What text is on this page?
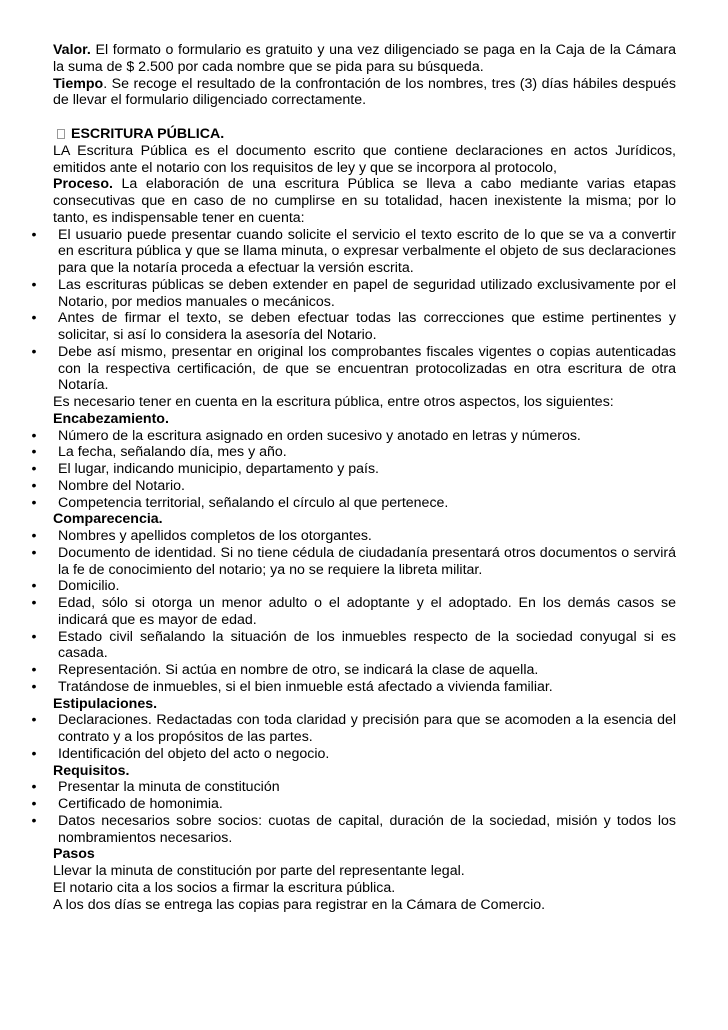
Valor. El formato o formulario es gratuito y una vez diligenciado se paga en la Caja de la Cámara la suma de $ 2.500 por cada nombre que se pida para su búsqueda.

Tiempo. Se recoge el resultado de la confrontación de los nombres, tres (3) días hábiles después de llevar el formulario diligenciado correctamente.

ESCRITURA PÚBLICA.

LA Escritura Pública es el documento escrito que contiene declaraciones en actos Jurídicos, emitidos ante el notario con los requisitos de ley y que se incorpora al protocolo,

Proceso. La elaboración de una escritura Pública se lleva a cabo mediante varias etapas consecutivas que en caso de no cumplirse en su totalidad, hacen inexistente la misma; por lo tanto, es indispensable tener en cuenta:

• El usuario puede presentar cuando solicite el servicio el texto escrito de lo que se va a convertir en escritura pública y que se llama minuta, o expresar verbalmente el objeto de sus declaraciones para que la notaría proceda a efectuar la versión escrita.
• Las escrituras públicas se deben extender en papel de seguridad utilizado exclusivamente por el Notario, por medios manuales o mecánicos.
• Antes de firmar el texto, se deben efectuar todas las correcciones que estime pertinentes y solicitar, si así lo considera la asesoría del Notario.
• Debe así mismo, presentar en original los comprobantes fiscales vigentes o copias autenticadas con la respectiva certificación, de que se encuentran protocolizadas en otra escritura de otra Notaría.

Es necesario tener en cuenta en la escritura pública, entre otros aspectos, los siguientes:

Encabezamiento.

• Número de la escritura asignado en orden sucesivo y anotado en letras y números.
• La fecha, señalando día, mes y año.
• El lugar, indicando municipio, departamento y país.
• Nombre del Notario.
• Competencia territorial, señalando el círculo al que pertenece.

Comparecencia.

• Nombres y apellidos completos de los otorgantes.
• Documento de identidad. Si no tiene cédula de ciudadanía presentará otros documentos o servirá la fe de conocimiento del notario; ya no se requiere la libreta militar.
• Domicilio.
• Edad, sólo si otorga un menor adulto o el adoptante y el adoptado. En los demás casos se indicará que es mayor de edad.
• Estado civil señalando la situación de los inmuebles respecto de la sociedad conyugal si es casada.
• Representación. Si actúa en nombre de otro, se indicará la clase de aquella.
• Tratándose de inmuebles, si el bien inmueble está afectado a vivienda familiar.

Estipulaciones.

• Declaraciones. Redactadas con toda claridad y precisión para que se acomoden a la esencia del contrato y a los propósitos de las partes.
• Identificación del objeto del acto o negocio.

Requisitos.

• Presentar la minuta de constitución
• Certificado de homonimia.
• Datos necesarios sobre socios: cuotas de capital, duración de la sociedad, misión y todos los nombramientos necesarios.

Pasos

Llevar la minuta de constitución por parte del representante legal.

El notario cita a los socios a firmar la escritura pública.

A los dos días se entrega las copias para registrar en la Cámara de Comercio.
